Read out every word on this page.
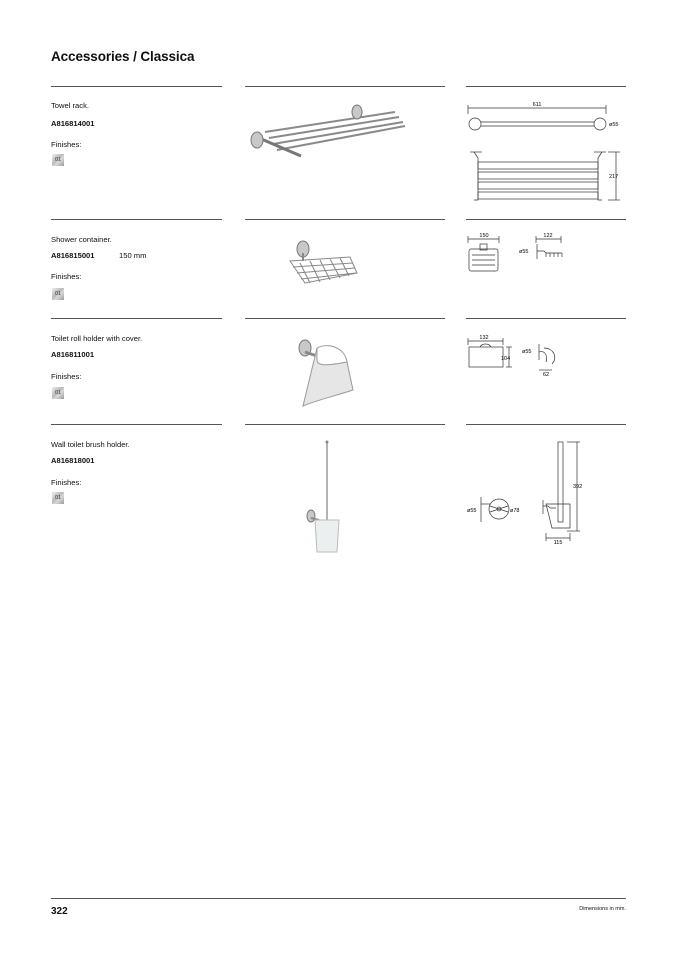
Accessories / Classica
Towel rack.
A816814001
Finishes:
01
611
ø55
217
Shower container.
A816815001	150 mm
Finishes:
01
150	122
ø55
Toilet roll holder with cover.
A816811001
Finishes:
01
132
104
ø55
62
Wall toilet brush holder.
A816818001
Finishes:
01
ø55	ø78
392
115
322	Dimensions in mm.
